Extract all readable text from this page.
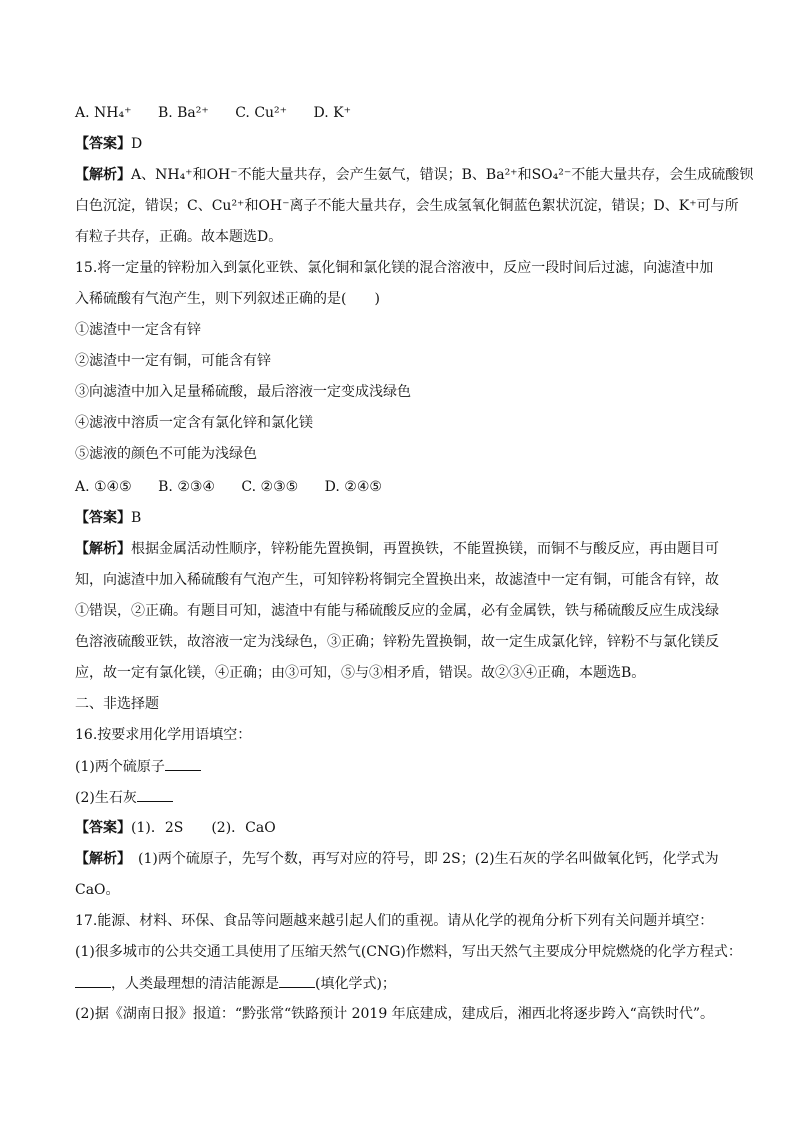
A. NH₄⁺ B. Ba²⁺ C. Cu²⁺ D. K⁺
【答案】D
【解析】A、NH₄⁺和OH⁻不能大量共存，会产生氨气，错误；B、Ba²⁺和SO₄²⁻不能大量共存，会生成硫酸钡
白色沉淀，错误；C、Cu²⁺和OH⁻离子不能大量共存，会生成氢氧化铜蓝色絮状沉淀，错误；D、K⁺可与所
有粒子共存，正确。故本题选D。
15.将一定量的锌粉加入到氯化亚铁、氯化铜和氯化镁的混合溶液中，反应一段时间后过滤，向滤渣中加
入稀硫酸有气泡产生，则下列叙述正确的是(　　)
①滤渣中一定含有锌
②滤渣中一定有铜，可能含有锌
③向滤渣中加入足量稀硫酸，最后溶液一定变成浅绿色
④滤液中溶质一定含有氯化锌和氯化镁
⑤滤液的颜色不可能为浅绿色
A. ①④⑤ B. ②③④ C. ②③⑤ D. ②④⑤
【答案】B
【解析】根据金属活动性顺序，锌粉能先置换铜，再置换铁，不能置换镁，而铜不与酸反应，再由题目可
知，向滤渣中加入稀硫酸有气泡产生，可知锌粉将铜完全置换出来，故滤渣中一定有铜，可能含有锌，故
①错误，②正确。有题目可知，滤渣中有能与稀硫酸反应的金属，必有金属铁，铁与稀硫酸反应生成浅绿
色溶液硫酸亚铁，故溶液一定为浅绿色，③正确；锌粉先置换铜，故一定生成氯化锌，锌粉不与氯化镁反
应，故一定有氯化镁，④正确；由③可知，⑤与③相矛盾，错误。故②③④正确，本题选B。
二、非选择题
16.按要求用化学用语填空：
(1)两个硫原子
(2)生石灰
【答案】(1)．2S　　(2)．CaO
【解析】　(1)两个硫原子，先写个数，再写对应的符号，即 2S；(2)生石灰的学名叫做氧化钙，化学式为
CaO。
17.能源、材料、环保、食品等问题越来越引起人们的重视。请从化学的视角分析下列有关问题并填空：
(1)很多城市的公共交通工具使用了压缩天然气(CNG)作燃料，写出天然气主要成分甲烷燃烧的化学方程式：
，人类最理想的清洁能源是	(填化学式)；
(2)据《湖南日报》报道：“黔张常“铁路预计 2019 年底建成，建成后，湘西北将逐步跨入“高铁时代”。
